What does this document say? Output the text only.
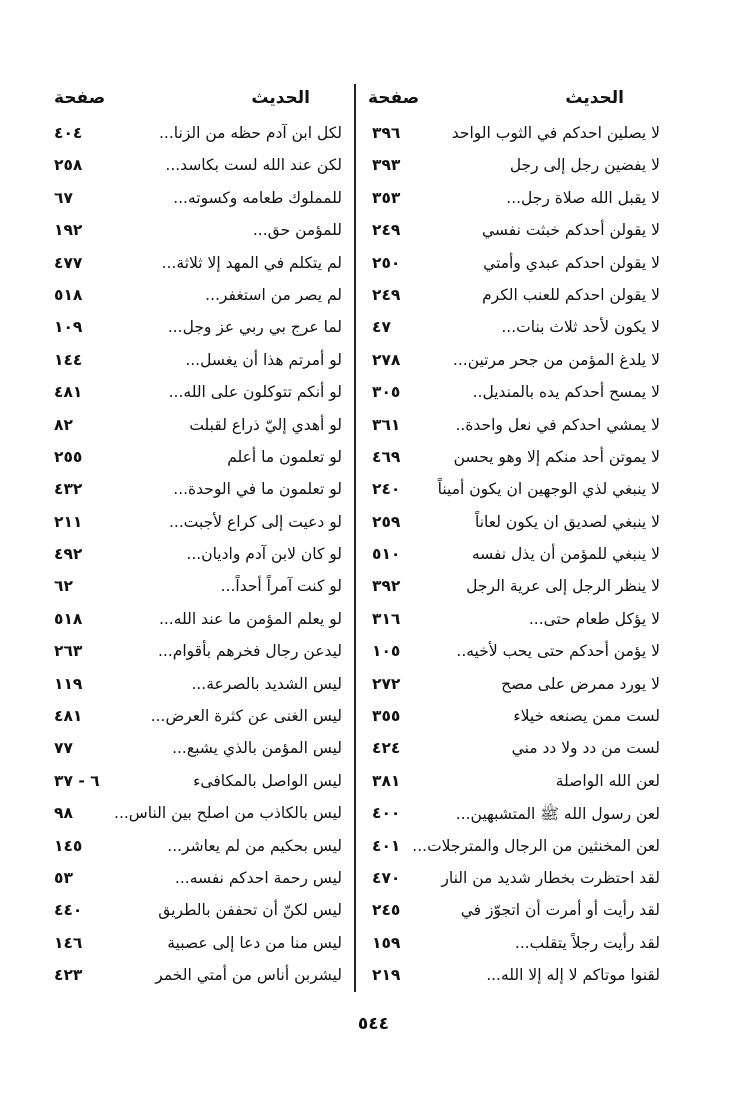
الحديث
صفحة
لا يصلين احدكم في الثوب الواحد
٣٩٦
لا يفضين رجل إلى رجل
٣٩٣
لا يقبل الله صلاة رجل...
٣٥٣
لا يقولن أحدكم خبثت نفسي
٢٤٩
لا يقولن احدكم عبدي وأمتي
٢٥٠
لا يقولن احدكم للعنب الكرم
٢٤٩
لا يكون لأحد ثلاث بنات...
٤٧
لا يلدغ المؤمن من جحر مرتين...
٢٧٨
لا يمسح أحدكم يده بالمنديل..
٣٠٥
لا يمشي احدكم في نعل واحدة..
٣٦١
لا يموتن أحد منكم إلا وهو يحسن
٤٦٩
لا ينبغي لذي الوجهين ان يكون أميناً
٢٤٠
لا ينبغي لصديق ان يكون لعاناً
٢٥٩
لا ينبغي للمؤمن أن يذل نفسه
٥١٠
لا ينظر الرجل إلى عرية الرجل
٣٩٢
لا يؤكل طعام حتى...
٣١٦
لا يؤمن أحدكم حتى يحب لأخيه..
١٠٥
لا يورد ممرض على مصح
٢٧٢
لست ممن يصنعه خيلاء
٣٥٥
لست من دد ولا دد مني
٤٢٤
لعن الله الواصلة
٣٨١
لعن رسول الله ﷺ المتشبهين...
٤٠٠
لعن المخنثين من الرجال والمترجلات...
٤٠١
لقد احتظرت بخطار شديد من النار
٤٧٠
لقد رأيت أو أمرت أن اتجوّز في
٢٤٥
لقد رأيت رجلاً يتقلب...
١٥٩
لقنوا موتاكم لا إله إلا الله...
٢١٩
الحديث
صفحة
لكل ابن آدم حظه من الزنا...
٤٠٤
لكن عند الله لست بكاسد...
٢٥٨
للمملوك طعامه وكسوته...
٦٧
للمؤمن حق...
١٩٢
لم يتكلم في المهد إلا ثلاثة...
٤٧٧
لم يصر من استغفر...
٥١٨
لما عرج بي ربي عز وجل...
١٠٩
لو أمرتم هذا أن يغسل...
١٤٤
لو أنكم تتوكلون على الله...
٤٨١
لو أهدي إليّ ذراع لقبلت
٨٢
لو تعلمون ما أعلم
٢٥٥
لو تعلمون ما في الوحدة...
٤٣٢
لو دعيت إلى كراع لأجبت...
٢١١
لو كان لابن آدم واديان...
٤٩٢
لو كنت آمراً أحداً...
٦٢
لو يعلم المؤمن ما عند الله...
٥١٨
ليدعن رجال فخرهم بأقوام...
٢٦٣
ليس الشديد بالصرعة...
١١٩
ليس الغنى عن كثرة العرض...
٤٨١
ليس المؤمن بالذي يشبع...
٧٧
ليس الواصل بالمكافىء
٦ - ٣٧
ليس بالكاذب من اصلح بين الناس...
٩٨
ليس بحكيم من لم يعاشر...
١٤٥
ليس رحمة احدكم نفسه...
٥٣
ليس لكنّ أن تحففن بالطريق
٤٤٠
ليس منا من دعا إلى عصبية
١٤٦
ليشربن أناس من أمتي الخمر
٤٢٣
٥٤٤
